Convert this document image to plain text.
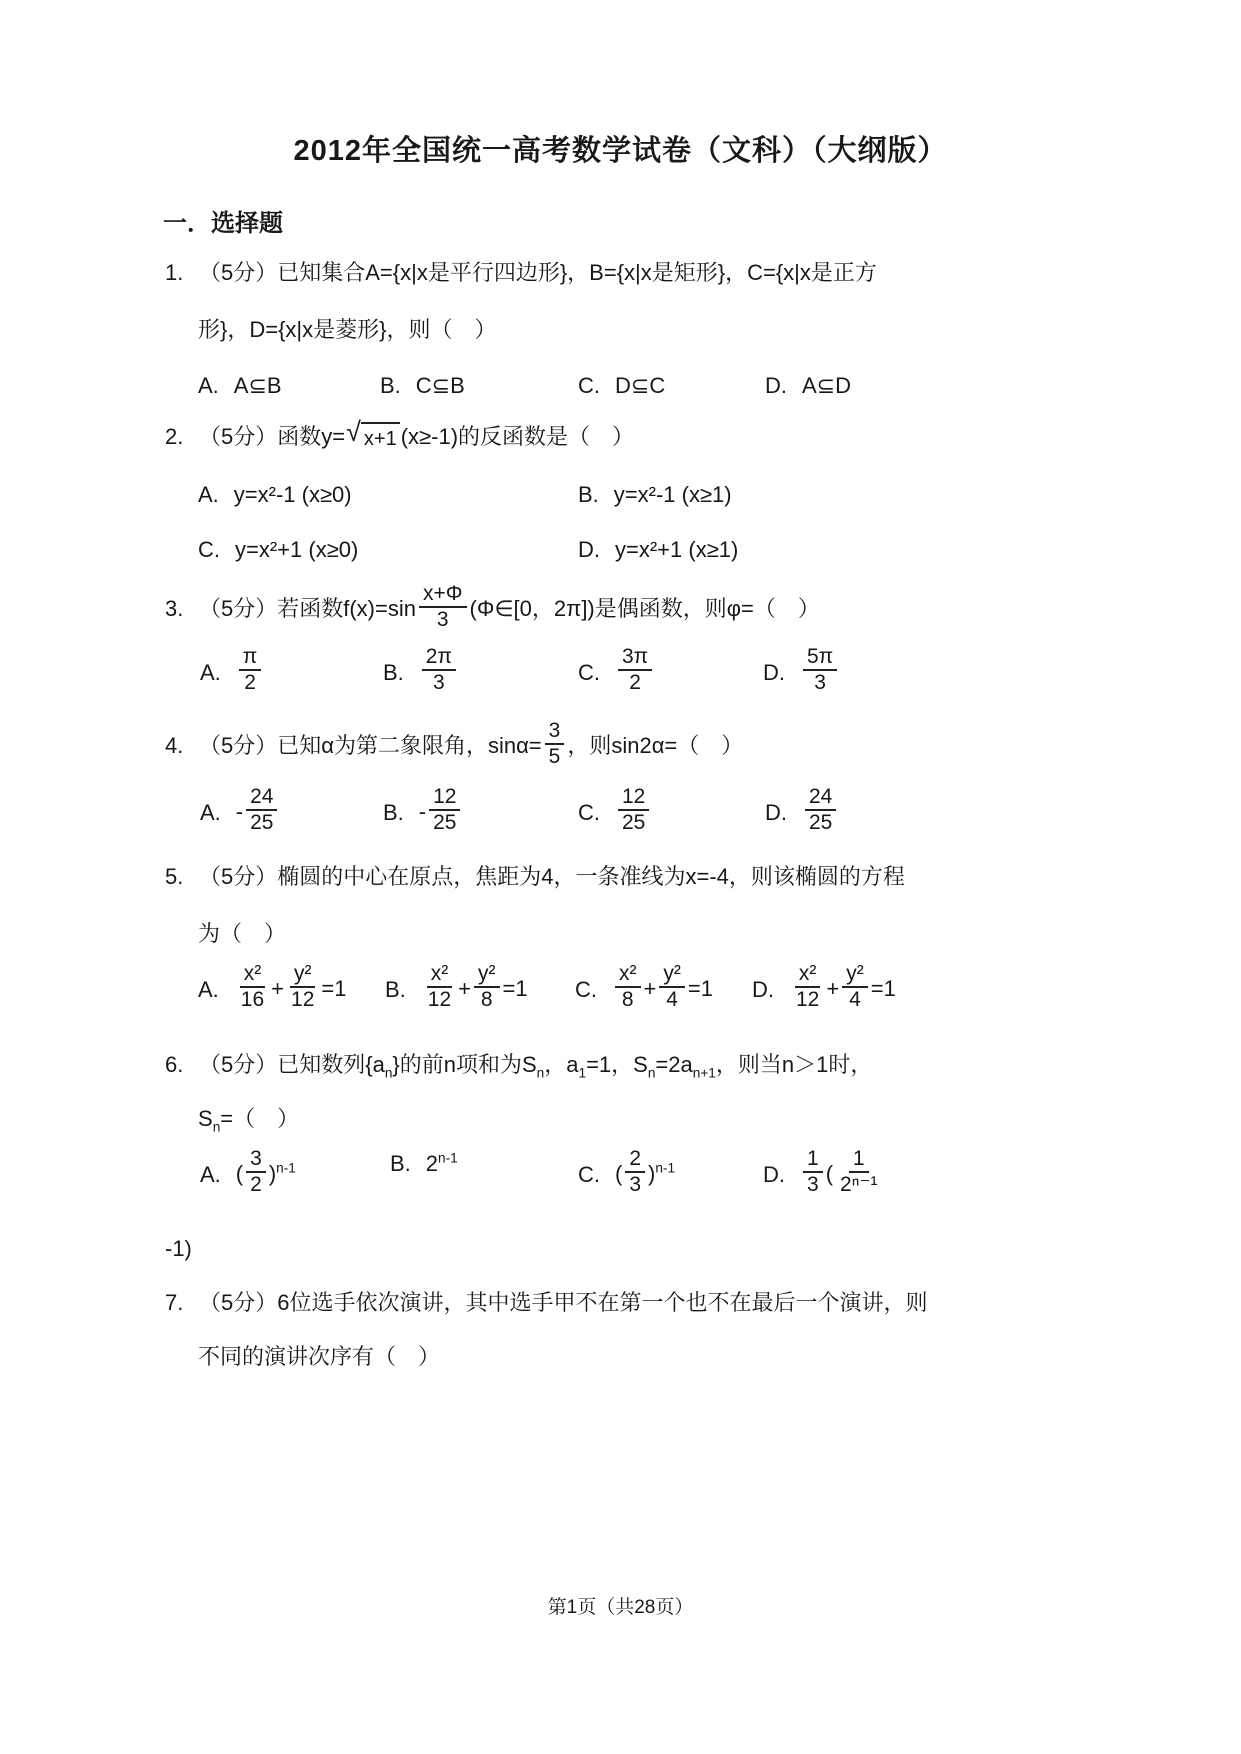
2012年全国统一高考数学试卷（文科）（大纲版）
一．选择题
1. （5分）已知集合A={x|x是平行四边形}，B={x|x是矩形}，C={x|x是正方
形}，D={x|x是菱形}，则（　）
A. A⊆B	B. C⊆B	C. D⊆C	D. A⊆D
2. （5分）函数y= √ x+1 (x≥-1)的反函数是（　）
A. y=x²-1 (x≥0)	B. y=x²-1 (x≥1)
C. y=x²+1 (x≥0)	D. y=x²+1 (x≥1)
3. （5分）若函数$f(x)=\sin \frac{x+\Phi}{3}$ (Φ∈[0，2π])是偶函数，则φ=（　）
A. $\frac{\pi}{2}$	B. $\frac{2\pi}{3}$	C. $\frac{3\pi}{2}$	D. $\frac{5\pi}{3}$
4. （5分）已知α为第二象限角，$\sin\alpha= \frac{3}{5}$ ，则sin2α=（　）
A. - $\frac{24}{25}$	B. - $\frac{12}{25}$	C. $\frac{12}{25}$	D. $\frac{24}{25}$
5. （5分）椭圆的中心在原点，焦距为4，一条准线为x=-4，则该椭圆的方程
为（　）
A. $\frac{\text{x²}}{16} + \frac{\text{y²}}{12} =1$ B. $\frac{\text{x²}}{12} + \frac{\text{y²}}{8} =1$ C. $\frac{\text{x²}}{8} + \frac{\text{y²}}{4} =1$ D. $\frac{\text{x²}}{12} + \frac{\text{y²}}{4} =1$
6. （5分）已知数列$\{a_n\}$的前n项和为$S_n$，$a_1=1$，$S_n=2a_{n+1}$，则当n＞1时，
$S_n=$（　）
A. ( $\frac{3}{2} )^{n-1}$	B. 2$^{n-1}$
C. ( $\frac{2}{3} )^{n-1}$	D. $\frac{1}{3}$ ( $\frac{1}{\text{2ⁿ⁻¹}}$
-1)
7. （5分）6位选手依次演讲，其中选手甲不在第一个也不在最后一个演讲，则
不同的演讲次序有（　）
第1页（共28页）
